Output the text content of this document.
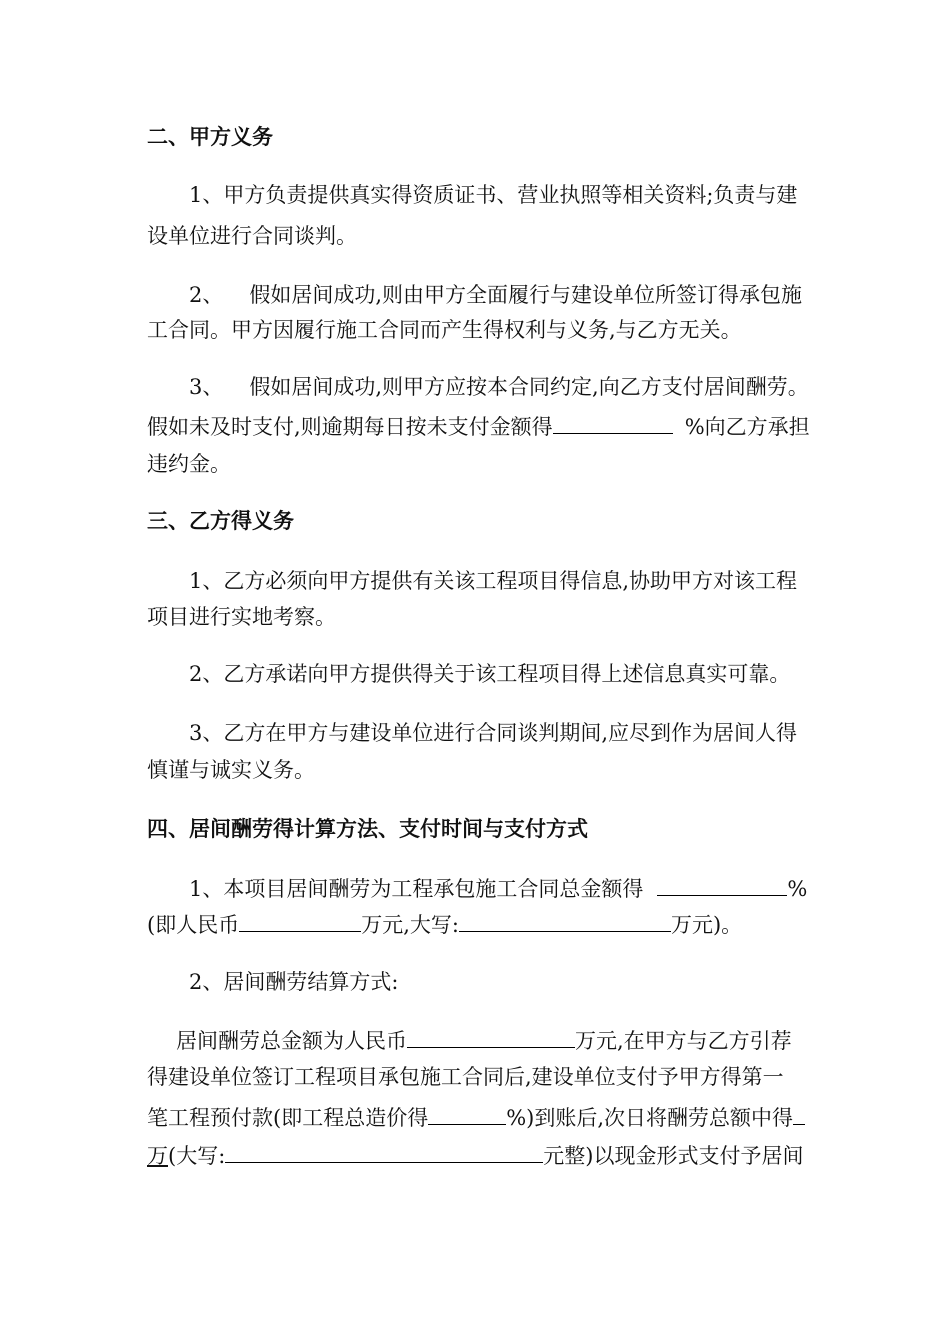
二、甲方义务
1、甲方负责提供真实得资质证书、营业执照等相关资料;负责与建
设单位进行合同谈判。
2、 假如居间成功,则由甲方全面履行与建设单位所签订得承包施
工合同。甲方因履行施工合同而产生得权利与义务,与乙方无关。
3、 假如居间成功,则甲方应按本合同约定,向乙方支付居间酬劳。
假如未及时支付,则逾期每日按未支付金额得	%向乙方承担
违约金。
三、乙方得义务
1、乙方必须向甲方提供有关该工程项目得信息,协助甲方对该工程
项目进行实地考察。
2、乙方承诺向甲方提供得关于该工程项目得上述信息真实可靠。
3、乙方在甲方与建设单位进行合同谈判期间,应尽到作为居间人得
慎谨与诚实义务。
四、居间酬劳得计算方法、支付时间与支付方式
1、本项目居间酬劳为工程承包施工合同总金额得	%
(即人民币	万元,大写:	万元)。
2、居间酬劳结算方式:
居间酬劳总金额为人民币	万元,在甲方与乙方引荐
得建设单位签订工程项目承包施工合同后,建设单位支付予甲方得第一
笔工程预付款(即工程总造价得	%)到账后,次日将酬劳总额中得
万(大写:	元整)以现金形式支付予居间
